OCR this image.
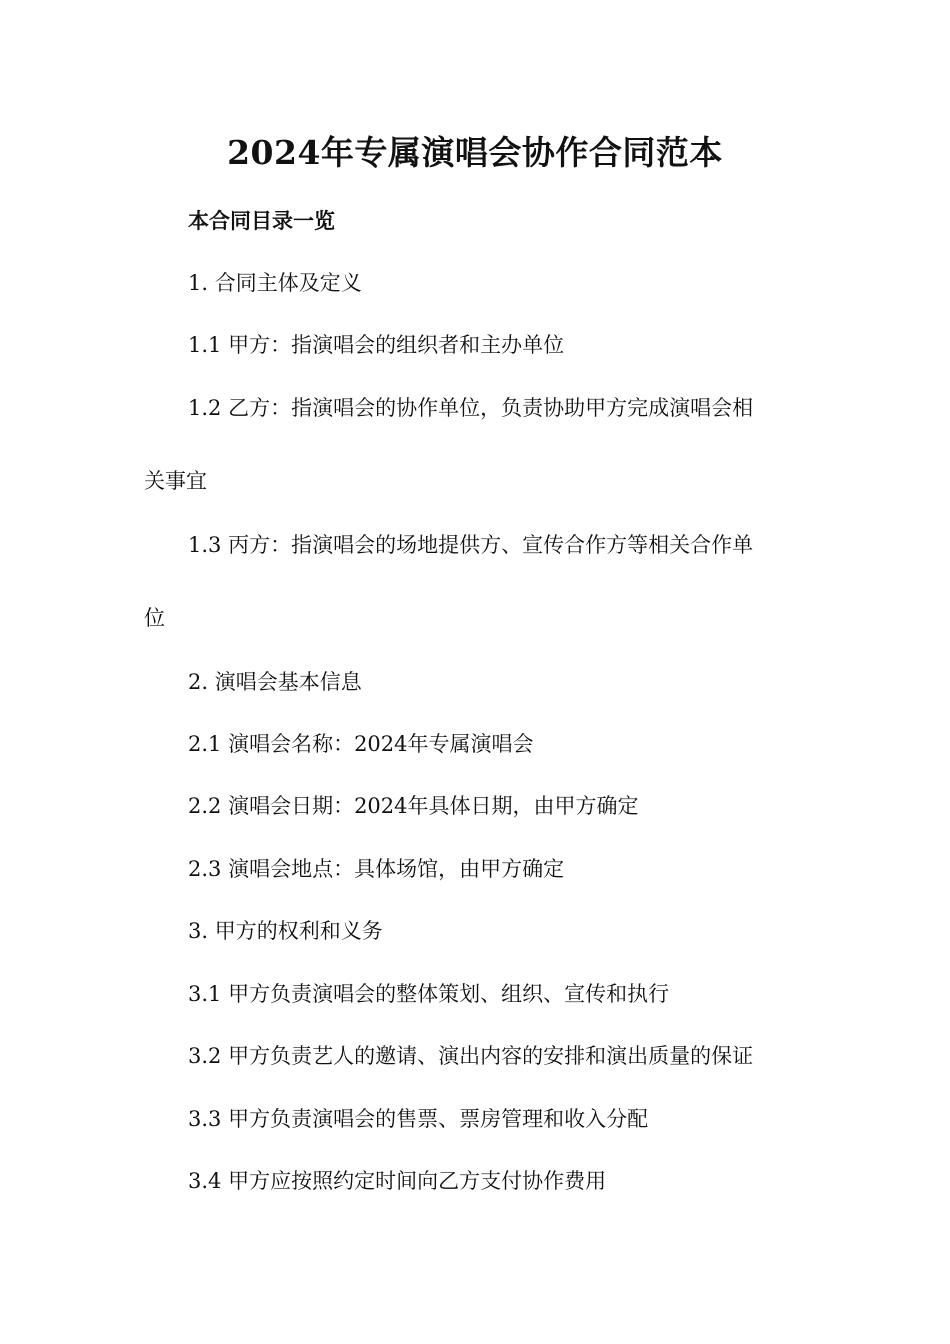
2024年专属演唱会协作合同范本
本合同目录一览
1. 合同主体及定义
1.1 甲方：指演唱会的组织者和主办单位
1.2 乙方：指演唱会的协作单位，负责协助甲方完成演唱会相
关事宜
1.3 丙方：指演唱会的场地提供方、宣传合作方等相关合作单
位
2. 演唱会基本信息
2.1 演唱会名称：2024年专属演唱会
2.2 演唱会日期：2024年具体日期，由甲方确定
2.3 演唱会地点：具体场馆，由甲方确定
3. 甲方的权利和义务
3.1 甲方负责演唱会的整体策划、组织、宣传和执行
3.2 甲方负责艺人的邀请、演出内容的安排和演出质量的保证
3.3 甲方负责演唱会的售票、票房管理和收入分配
3.4 甲方应按照约定时间向乙方支付协作费用
